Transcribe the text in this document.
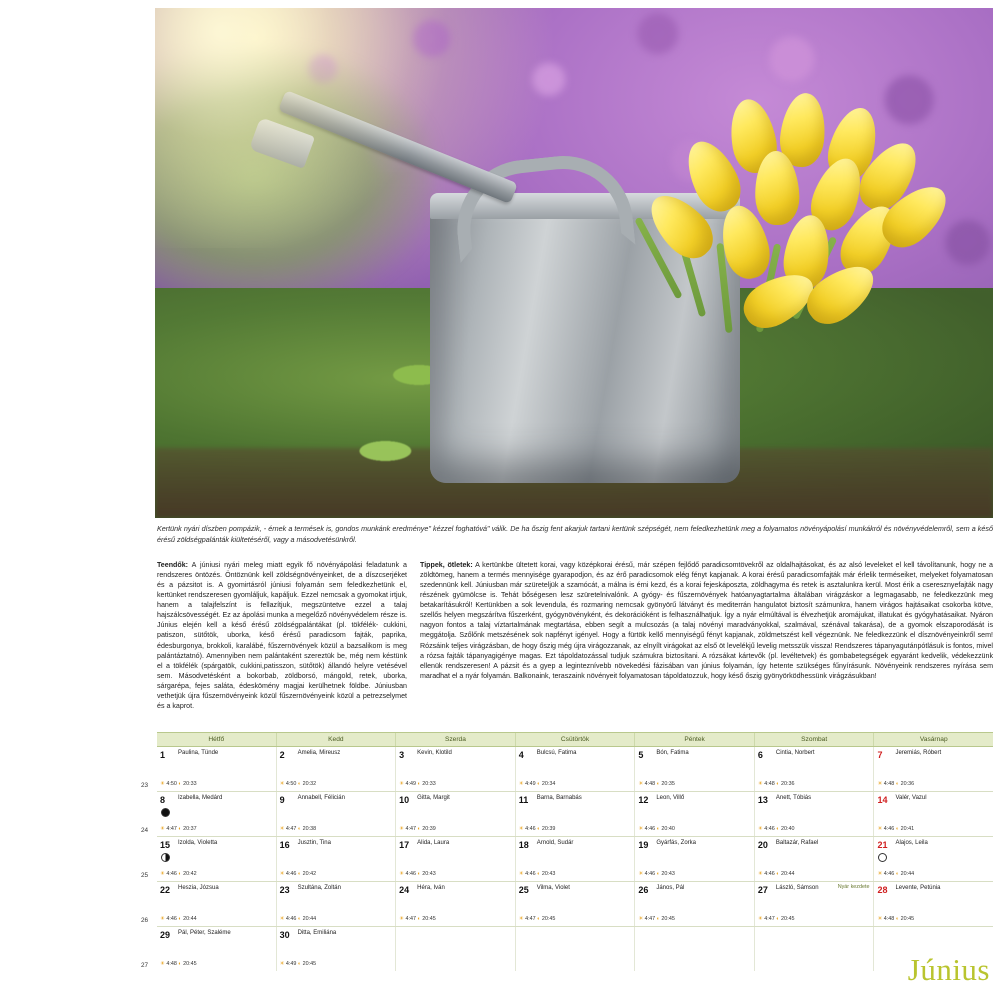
Kertünk nyári díszben pompázik, - érnek a termések is, gondos munkánk eredménye" kézzel foghatóvá" válik. De ha őszig fent akarjuk tartani kertünk szépségét, nem feledkezhetünk meg a folyamatos növényápolásí munkákról és növényvédelemről, sem a késő érésű zöldségpalánták kiültetéséről, vagy a másodvetésünkről.
Teendők: A júniusi nyári meleg miatt egyik fő növényápolási feladatunk a rendszeres öntözés. Öntöznünk kell zöldségnövényeinket, de a díszcserjéket és a pázsitot is. A gyomirtásról júniusi folyamán sem feledkezhetünk el, kertünket rendszeresen gyomláljuk, kapáljuk. Ezzel nemcsak a gyomokat irtjuk, hanem a talajfelszínt is fellazítjuk, megszüntetve ezzel a talaj hajszálcsövességét. Ez az ápolási munka a megelőző növényvédelem része is. Június elején kell a késő érésű zöldségpalántákat (pl. tökfélék- cukkini, patiszon, sütőtök, uborka, késő érésű paradicsom fajták, paprika, édesburgonya, brokkoli, karalábé, fűszernövények közül a bazsalikom is meg palántáztatnó). Amennyiben nem palántaként szereztük be, még nem késtünk el a tökfélék (spárgatök, cukkini,patisszon, sütőtök) állandó helyre vetésével sem. Másodvetésként a bokorbab, zöldborsó, mángold, retek, uborka, sárgarépa, fejes saláta, édeskömény magjai kerülhetnek földbe. Júniusban vethetjük újra fűszernövényeink közül fűszernövényeink közül a petrezselymet és a kaprot.
Tippek, ötletek: A kertünkbe ültetett korai, vagy középkorai érésű, már szépen fejlődő paradicsomtövekről az oldalhajtásokat, és az alsó leveleket el kell távolítanunk, hogy ne a zöldtömeg, hanem a termés mennyisége gyarapodjon, és az érő paradicsomok elég fényt kapjanak. A korai érésű paradicsomfajták már érlelik terméseiket, melyeket folyamatosan szedennünk kell. Júniusban már szüreteljük a szamócát, a málna is érni kezd, és a korai fejeskáposzta, zöldhagyma és retek is asztalunkra kerül. Most érik a cseresznyefajták nagy részének gyümölcse is. Tehát bőségesen lesz szüretelnivalónk. A gyógy- és fűszernövények hatóanyagtartalma általában virágzáskor a legmagasabb, ne feledkezzünk meg betakarításukról! Kertünkben a sok levendula, és rozmaring nemcsak gyönyörű látványt és mediterrán hangulatot biztosít számunkra, hanem virágos hajtásaikat csokorba kötve, szellős helyen megszárítva fűszerként, gyógynövényként, és dekorációként is felhasználhatjuk. Így a nyár elmúltával is élvezhetjük aromájukat, illatukat és gyógyhatásaikat. Nyáron nagyon fontos a talaj víztartalmának megtartása, ebben segít a mulcsozás (a talaj növényi maradványokkal, szalmával, szénával takarása), de a gyomok elszaporodását is meggátolja. Szőlőnk metszésének sok napfényt igényel. Hogy a fürtök kellő mennyiségű fényt kapjanak, zöldmetszést kell végeznünk. Ne feledkezzünk el dísznövényeinkről sem! Rózsáink teljes virágzásban, de hogy őszig még újra virágozzanak, az elnyílt virágokat az első öt levelékjű levelig metsszük vissza! Rendszeres tápanyagutánpótlásuk is fontos, mivel a rózsa fajták tápanyagigénye magas. Ezt tápoldatozással tudjuk számukra biztosítani. A rózsákat kártevők (pl. levéltetvek) és gombabetegségek egyaránt kedvelik, védekezzünk ellenük rendszeresen! A pázsit és a gyep a leginteznívebb növekedési fázisában van június folyamán, így hetente szükséges fűnyírásunk. Növényeink rendszeres nyírása sem maradhat el a nyár folyamán. Balkonaink, teraszaink növényeit folyamatosan tápoldatozzuk, hogy késő őszig gyönyörködhessünk virágzásukban!
Hétfő	Kedd	Szerda	Csütörtök	Péntek	Szombat	Vasárnap
23
1 Paulina, Tünde
☀ 4:50 ◐ 20:33
2 Amelia, Mireusz
☀ 4:50 ◐ 20:32
3 Kevin, Klotild
☀ 4:49 ◐ 20:33
4 Bulcsú, Fatima
☀ 4:49 ◐ 20:34
5 Bón, Fatima
☀ 4:48 ◐ 20:35
6 Cintia, Norbert
☀ 4:48 ◐ 20:36
7 Jeremiás, Róbert
☀ 4:48 ◐ 20:36
24
8 Izabella, Medárd
☀ 4:47 ◐ 20:37
9 Annabell, Félicián
☀ 4:47 ◐ 20:38
10 Gitta, Margit
☀ 4:47 ◐ 20:39
11 Barna, Barnabás
☀ 4:46 ◐ 20:39
12 Leon, Villő
☀ 4:46 ◐ 20:40
13 Anett, Tóbiás
☀ 4:46 ◐ 20:40
14 Valér, Vazul
☀ 4:46 ◐ 20:41
25
15 Izolda, Violetta
☀ 4:46 ◐ 20:42
16 Jusztin, Tina
☀ 4:46 ◐ 20:42
17 Alida, Laura
☀ 4:46 ◐ 20:43
18 Arnold, Sudár
☀ 4:46 ◐ 20:43
19 Gyárfás, Zorka
☀ 4:46 ◐ 20:43
20 Baltazár, Rafael
☀ 4:46 ◐ 20:44
21 Alajos, Leila
☀ 4:46 ◐ 20:44
26
22 Heszia, Józsua
☀ 4:46 ◐ 20:44
23 Szultána, Zoltán
☀ 4:46 ◐ 20:44
24 Héra, Iván
☀ 4:47 ◐ 20:45
25 Vilma, Violet
☀ 4:47 ◐ 20:45
26 János, Pál
☀ 4:47 ◐ 20:45
27 László, Sámson
☀ 4:47 ◐ 20:45
Nyár kezdete 28 Levente, Petúnia
☀ 4:48 ◐ 20:45
27
29 Pál, Péter, Szaléme
☀ 4:48 ◐ 20:45
30 Ditta, Emiliána
☀ 4:49 ◐ 20:45	Június
